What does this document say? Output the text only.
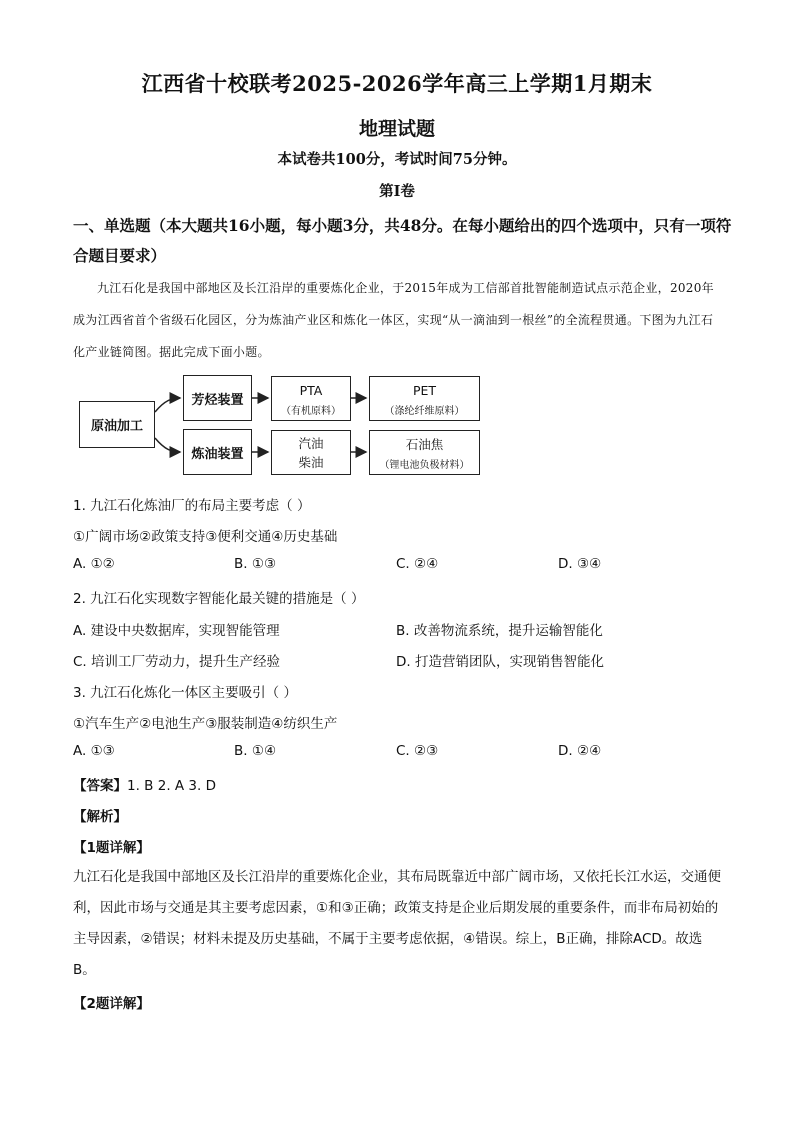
江西省十校联考2025-2026学年高三上学期1月期末
地理试题
本试卷共100分，考试时间75分钟。
第I卷
一、单选题（本大题共16小题，每小题3分，共48分。在每小题给出的四个选项中，只有一项符合题目要求）
九江石化是我国中部地区及长江沿岸的重要炼化企业，于2015年成为工信部首批智能制造试点示范企业，2020年成为江西省首个省级石化园区，分为炼油产业区和炼化一体区，实现“从一滴油到一根丝”的全流程贯通。下图为九江石化产业链简图。据此完成下面小题。
原油加工
芳烃装置
炼油装置
PTA
（有机原料）
PET
（涤纶纤维原料）
汽油
柴油
石油焦
（锂电池负极材料）
1. 九江石化炼油厂的布局主要考虑（ ）
①广阔市场②政策支持③便利交通④历史基础
A. ①②	B. ①③	C. ②④	D. ③④
2. 九江石化实现数字智能化最关键的措施是（ ）
A. 建设中央数据库，实现智能管理	B. 改善物流系统，提升运输智能化
C. 培训工厂劳动力，提升生产经验	D. 打造营销团队，实现销售智能化
3. 九江石化炼化一体区主要吸引（ ）
①汽车生产②电池生产③服装制造④纺织生产
A. ①③	B. ①④	C. ②③	D. ②④
【答案】1. B 2. A 3. D
【解析】
【1题详解】
九江石化是我国中部地区及长江沿岸的重要炼化企业，其布局既靠近中部广阔市场，又依托长江水运，交通便利，因此市场与交通是其主要考虑因素，①和③正确；政策支持是企业后期发展的重要条件，而非布局初始的主导因素，②错误；材料未提及历史基础，不属于主要考虑依据，④错误。综上，B正确，排除ACD。故选B。
【2题详解】
